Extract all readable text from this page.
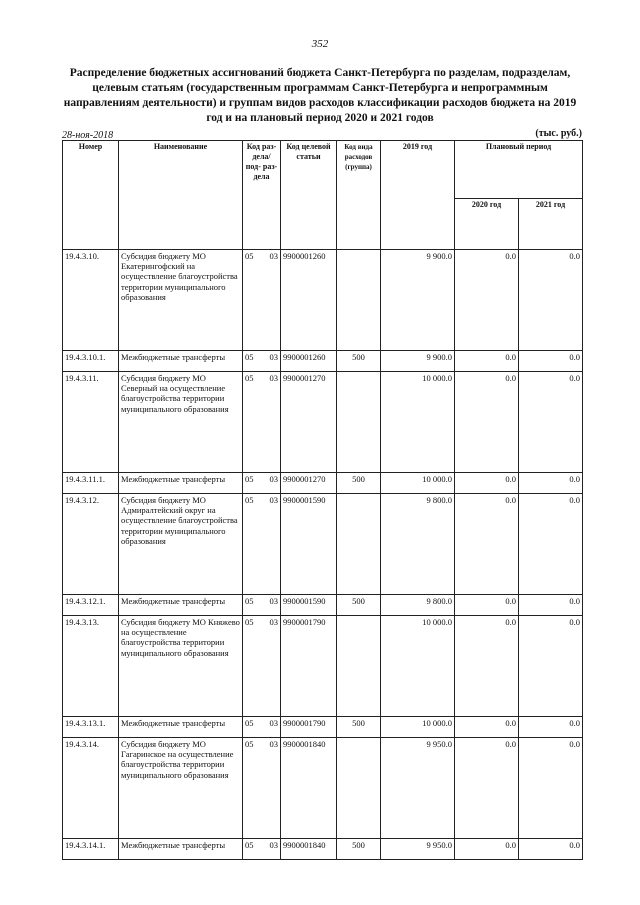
352
Распределение бюджетных ассигнований бюджета Санкт-Петербурга по разделам, подразделам, целевым статьям (государственным программам Санкт-Петербурга и непрограммным направлениям деятельности) и группам видов расходов классификации расходов бюджета на 2019 год и на плановый период 2020 и 2021 годов
28-ноя-2018	(тыс. руб.)
Номер	Наименование	Код раз- дела/ под- раз- дела	Код целевой статьи	Код вида расходов (группа)	2019 год	Плановый период	
						2020 год	2021 год
19.4.3.10.	Субсидия бюджету МО Екатерингофский на осуществление благоустройства территории муниципального образования	05 03	9900001260		9 900.0	0.0	0.0
19.4.3.10.1.	Межбюджетные трансферты	05 03	9900001260	500	9 900.0	0.0	0.0
19.4.3.11.	Субсидия бюджету МО Северный на осуществление благоустройства территории муниципального образования	05 03	9900001270		10 000.0	0.0	0.0
19.4.3.11.1.	Межбюджетные трансферты	05 03	9900001270	500	10 000.0	0.0	0.0
19.4.3.12.	Субсидия бюджету МО Адмиралтейский округ на осуществление благоустройства территории муниципального образования	05 03	9900001590		9 800.0	0.0	0.0
19.4.3.12.1.	Межбюджетные трансферты	05 03	9900001590	500	9 800.0	0.0	0.0
19.4.3.13.	Субсидия бюджету МО Княжево на осуществление благоустройства территории муниципального образования	05 03	9900001790		10 000.0	0.0	0.0
19.4.3.13.1.	Межбюджетные трансферты	05 03	9900001790	500	10 000.0	0.0	0.0
19.4.3.14.	Субсидия бюджету МО Гагаринское на осуществление благоустройства территории муниципального образования	05 03	9900001840		9 950.0	0.0	0.0
19.4.3.14.1.	Межбюджетные трансферты	05 03	9900001840	500	9 950.0	0.0	0.0
